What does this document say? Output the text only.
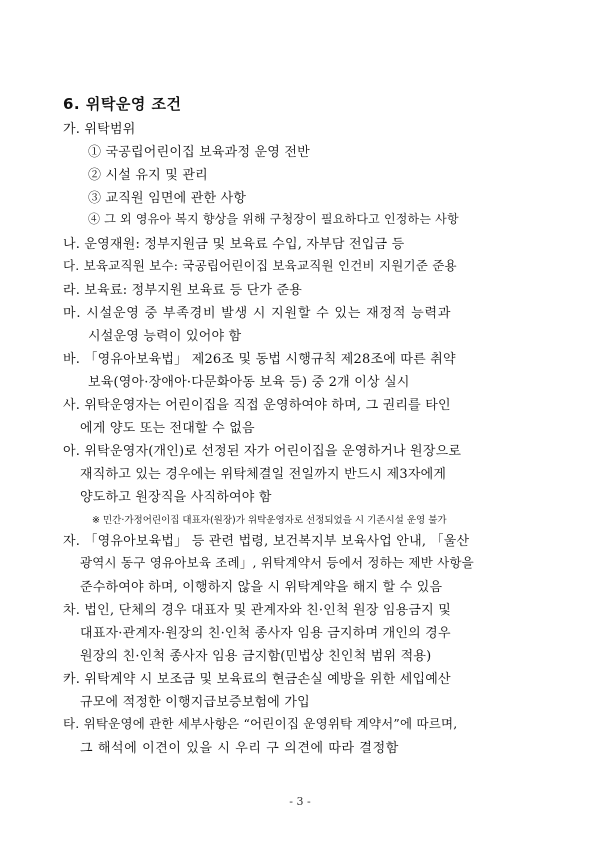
6. 위탁운영 조건
가. 위탁범위
① 국공립어린이집 보육과정 운영 전반
② 시설 유지 및 관리
③ 교직원 임면에 관한 사항
④ 그 외 영유아 복지 향상을 위해 구청장이 필요하다고 인정하는 사항
나. 운영재원: 정부지원금 및 보육료 수입, 자부담 전입금 등
다. 보육교직원 보수: 국공립어린이집 보육교직원 인건비 지원기준 준용
라. 보육료: 정부지원 보육료 등 단가 준용
마. 시설운영 중 부족경비 발생 시 지원할 수 있는 재정적 능력과
시설운영 능력이 있어야 함
바. 「영유아보육법」 제26조 및 동법 시행규칙 제28조에 따른 취약
보육(영아·장애아·다문화아동 보육 등) 중 2개 이상 실시
사. 위탁운영자는 어린이집을 직접 운영하여야 하며, 그 권리를 타인
에게 양도 또는 전대할 수 없음
아. 위탁운영자(개인)로 선정된 자가 어린이집을 운영하거나 원장으로
재직하고 있는 경우에는 위탁체결일 전일까지 반드시 제3자에게
양도하고 원장직을 사직하여야 함
※ 민간·가정어린이집 대표자(원장)가 위탁운영자로 선정되었을 시 기존시설 운영 불가
자. 「영유아보육법」 등 관련 법령, 보건복지부 보육사업 안내, 「울산
광역시 동구 영유아보육 조례」, 위탁계약서 등에서 정하는 제반 사항을
준수하여야 하며, 이행하지 않을 시 위탁계약을 해지 할 수 있음
차. 법인, 단체의 경우 대표자 및 관계자와 친·인척 원장 임용금지 및
대표자·관계자·원장의 친·인척 종사자 임용 금지하며 개인의 경우
원장의 친·인척 종사자 임용 금지함(민법상 친인척 범위 적용)
카. 위탁계약 시 보조금 및 보육료의 현금손실 예방을 위한 세입예산
규모에 적정한 이행지급보증보험에 가입
타. 위탁운영에 관한 세부사항은 “어린이집 운영위탁 계약서”에 따르며,
그 해석에 이견이 있을 시 우리 구 의견에 따라 결정함
- 3 -
